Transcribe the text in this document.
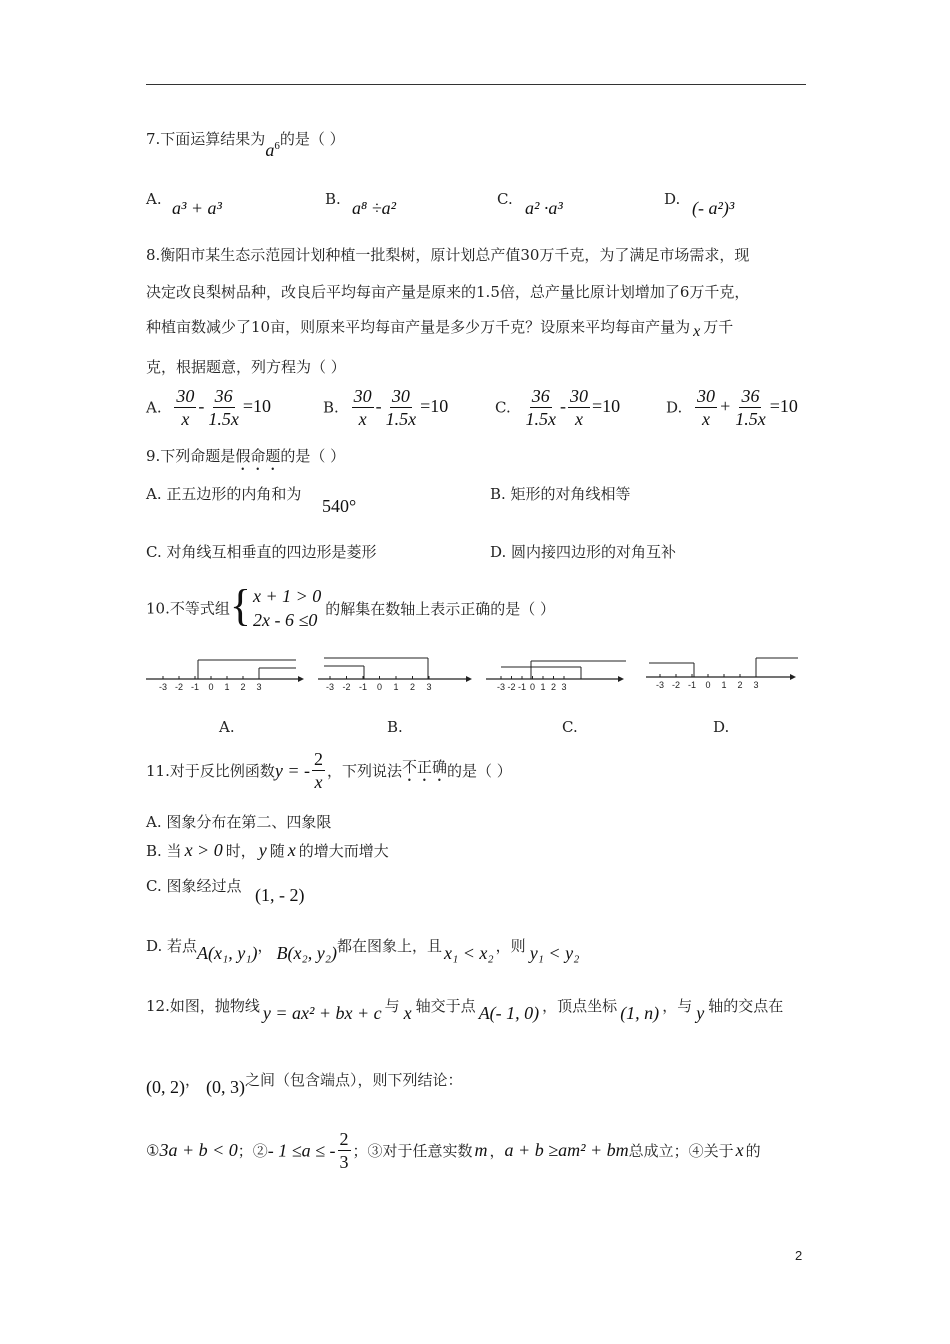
7.下面运算结果为$a^6$的是（ ）
A. a³ + a³	B. a⁸ ÷a²	C. a² ·a³	D. (- a²)³
8.衡阳市某生态示范园计划种植一批梨树，原计划总产值30万千克，为了满足市场需求，现
决定改良梨树品种，改良后平均每亩产量是原来的1.5倍，总产量比原计划增加了6万千克，
种植亩数减少了10亩，则原来平均每亩产量是多少万千克？设原来平均每亩产量为 x 万千
克，根据题意，列方程为（ ）
A. $\frac{30}{x} - \frac{36}{1.5x} =10$	B. $\frac{30}{x} - \frac{30}{1.5x} =10$	C. $\frac{36}{1.5x} - \frac{30}{x} =10$	D. $\frac{30}{x} + \frac{36}{1.5x} =10$
9.下列命题是假命题的是（ ）
A. 正五边形的内角和为
540°
B. 矩形的对角线相等
C. 对角线互相垂直的四边形是菱形	D. 圆内接四边形的对角互补
10.不等式组 { x + 1 > 0
2x - 6 ≤0
的解集在数轴上表示正确的是（ ）
-3 -2 -1 0 1 2 3	-3 -2 -1 0 1 2 3	-3 -2 -1 0 1 2 3	-3 -2 -1 0 1 2 3
A.	B.	C.	D.
11.对于反比例函数y = - $\frac{2}{x}$ ，下列说法不正确的是（ ）
A. 图象分布在第二、四象限
B. 当 x > 0 时， y 随 x 的增大而增大
C. 图象经过点 (1, - 2)
D. 若点A(x₁, y₁)， B(x₂, y₂)都在图象上，且 x₁ < x₂ ，则 y₁ < y₂
12.如图，抛物线 y = ax² + bx + c 与 x 轴交于点 A(- 1, 0) ，顶点坐标 (1, n) ，与 y 轴的交点在
(0, 2)， (0, 3)之间（包含端点），则下列结论：
①3a + b < 0；②- 1 ≤a ≤ - $\frac{2}{3}$ ；③对于任意实数 m ，a + b ≥am² + bm总成立；④关于 x 的
2
